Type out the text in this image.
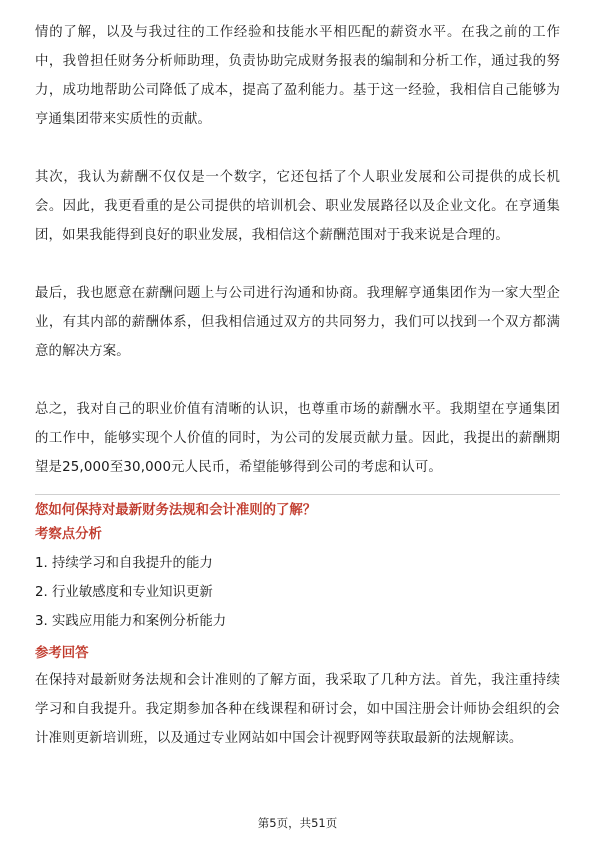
情的了解，以及与我过往的工作经验和技能水平相匹配的薪资水平。在我之前的工作中，我曾担任财务分析师助理，负责协助完成财务报表的编制和分析工作，通过我的努力，成功地帮助公司降低了成本，提高了盈利能力。基于这一经验，我相信自己能够为亨通集团带来实质性的贡献。

其次，我认为薪酬不仅仅是一个数字，它还包括了个人职业发展和公司提供的成长机会。因此，我更看重的是公司提供的培训机会、职业发展路径以及企业文化。在亨通集团，如果我能得到良好的职业发展，我相信这个薪酬范围对于我来说是合理的。

最后，我也愿意在薪酬问题上与公司进行沟通和协商。我理解亨通集团作为一家大型企业，有其内部的薪酬体系，但我相信通过双方的共同努力，我们可以找到一个双方都满意的解决方案。

总之，我对自己的职业价值有清晰的认识，也尊重市场的薪酬水平。我期望在亨通集团的工作中，能够实现个人价值的同时，为公司的发展贡献力量。因此，我提出的薪酬期望是25,000至30,000元人民币，希望能够得到公司的考虑和认可。

您如何保持对最新财务法规和会计准则的了解？

考察点分析

1. 持续学习和自我提升的能力
2. 行业敏感度和专业知识更新
3. 实践应用能力和案例分析能力

参考回答

在保持对最新财务法规和会计准则的了解方面，我采取了几种方法。首先，我注重持续学习和自我提升。我定期参加各种在线课程和研讨会，如中国注册会计师协会组织的会计准则更新培训班，以及通过专业网站如中国会计视野网等获取最新的法规解读。

第5页，共51页
